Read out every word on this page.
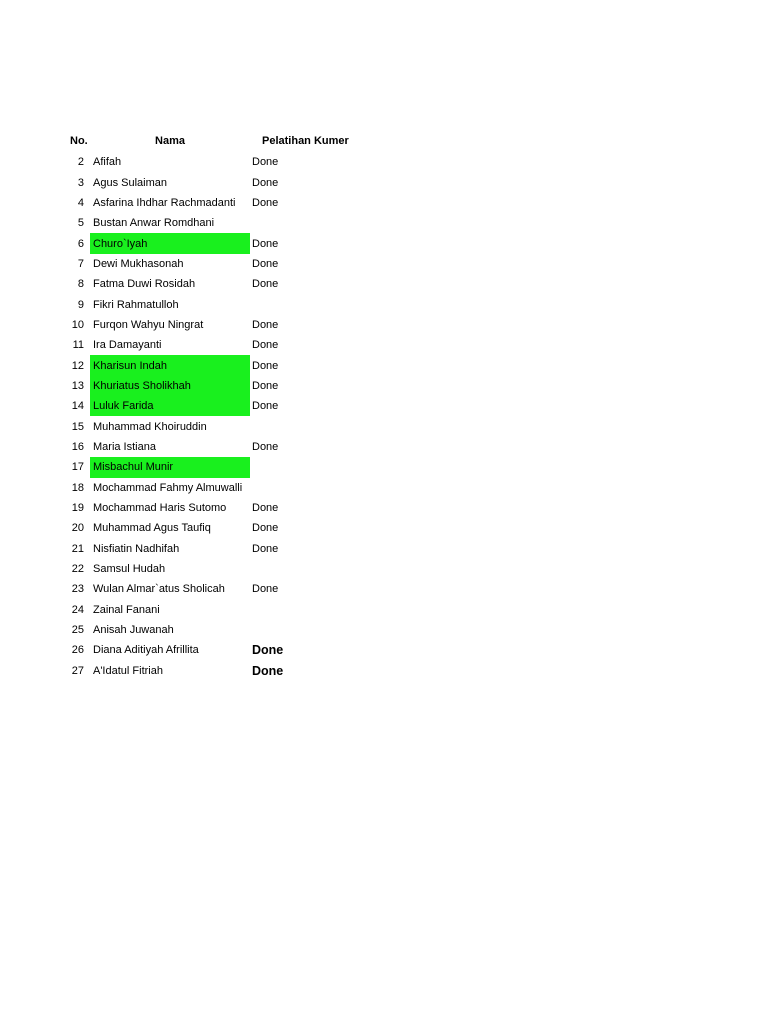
No.	Nama	Pelatihan Kumer
2 Afifah	Done
3 Agus Sulaiman	Done
4 Asfarina Ihdhar Rachmadanti	Done
5 Bustan Anwar Romdhani
6 Churo`Iyah	Done
7 Dewi Mukhasonah	Done
8 Fatma Duwi Rosidah	Done
9 Fikri Rahmatulloh
10 Furqon Wahyu Ningrat	Done
11 Ira Damayanti	Done
12 Kharisun Indah	Done
13 Khuriatus Sholikhah	Done
14 Luluk Farida	Done
15 Muhammad Khoiruddin
16 Maria Istiana	Done
17 Misbachul Munir
18 Mochammad Fahmy Almuwalli
19 Mochammad Haris Sutomo	Done
20 Muhammad Agus Taufiq	Done
21 Nisfiatin Nadhifah	Done
22 Samsul Hudah
23 Wulan Almar`atus Sholicah	Done
24 Zainal Fanani
25 Anisah Juwanah
26 Diana Aditiyah Afrillita	Done
27 A'Idatul Fitriah	Done
